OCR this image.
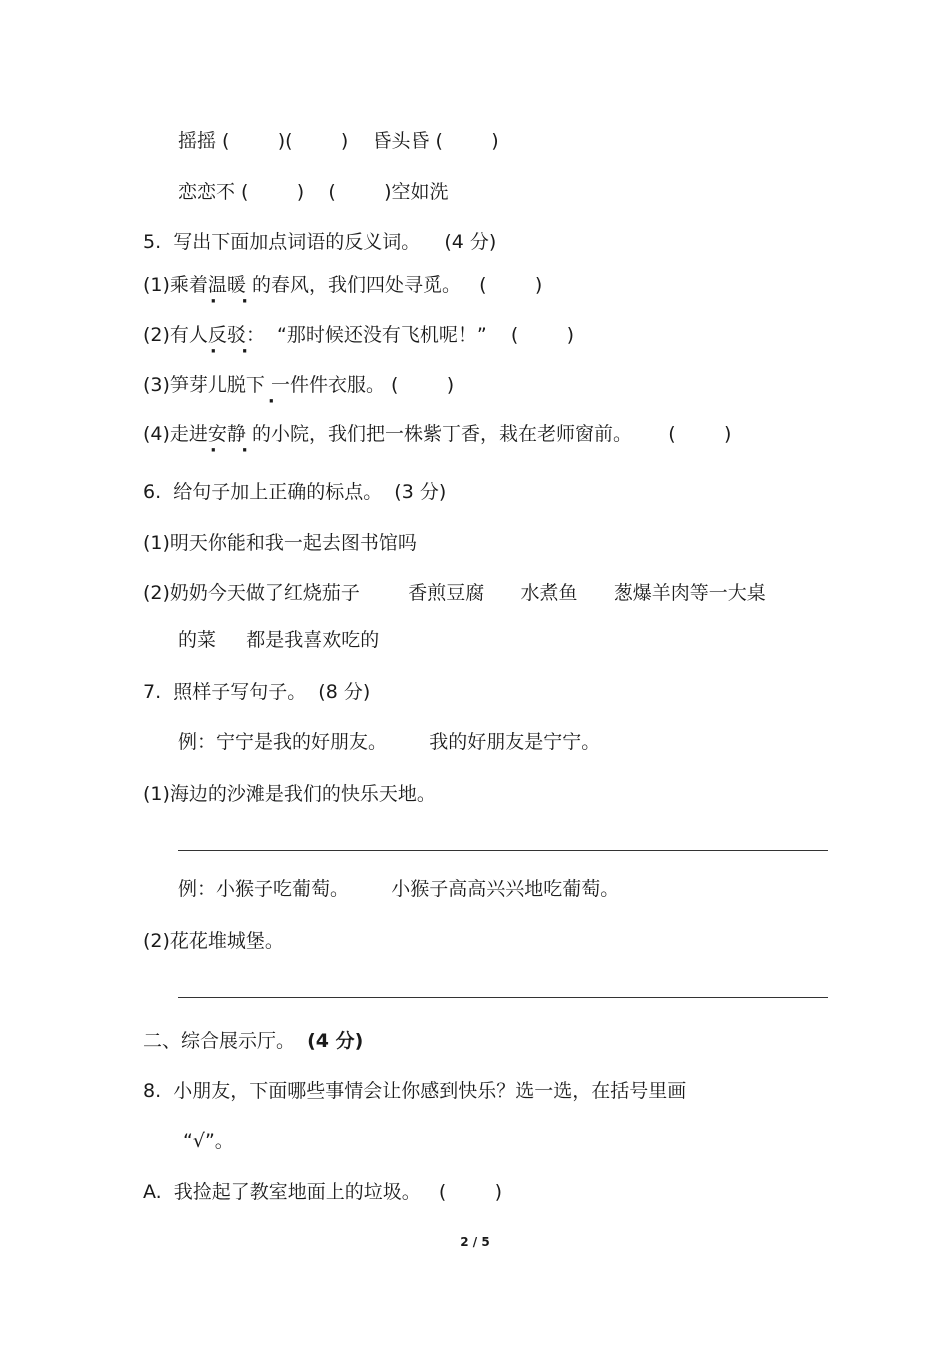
摇摇 (        )(        )    昏头昏 (        )
恋恋不 (        )    (        )空如洗
5.  写出下面加点词语的反义词。    (4 分)
(1)乘着温暖 ·  · 的春风，我们四处寻觅。   (        )
(2)有人反驳 ·  ·：  “那时候还没有飞机呢！”    (        )
(3)笋芽儿脱下 · 一件件衣服。 (        )
(4)走进安静 ·  · 的小院，我们把一株紫丁香，栽在老师窗前。      (        )
6.  给句子加上正确的标点。  (3 分)
(1)明天你能和我一起去图书馆吗
(2)奶奶今天做了红烧茄子        香煎豆腐      水煮鱼      葱爆羊肉等一大桌
的菜     都是我喜欢吃的
7.  照样子写句子。  (8 分)
例：宁宁是我的好朋友。       我的好朋友是宁宁。
(1)海边的沙滩是我们的快乐天地。
例：小猴子吃葡萄。       小猴子高高兴兴地吃葡萄。
(2)花花堆城堡。
二、综合展示厅。  (4 分)
8.  小朋友，下面哪些事情会让你感到快乐？选一选，在括号里画
“√”。
A.  我捡起了教室地面上的垃圾。   (        )
2 / 5
